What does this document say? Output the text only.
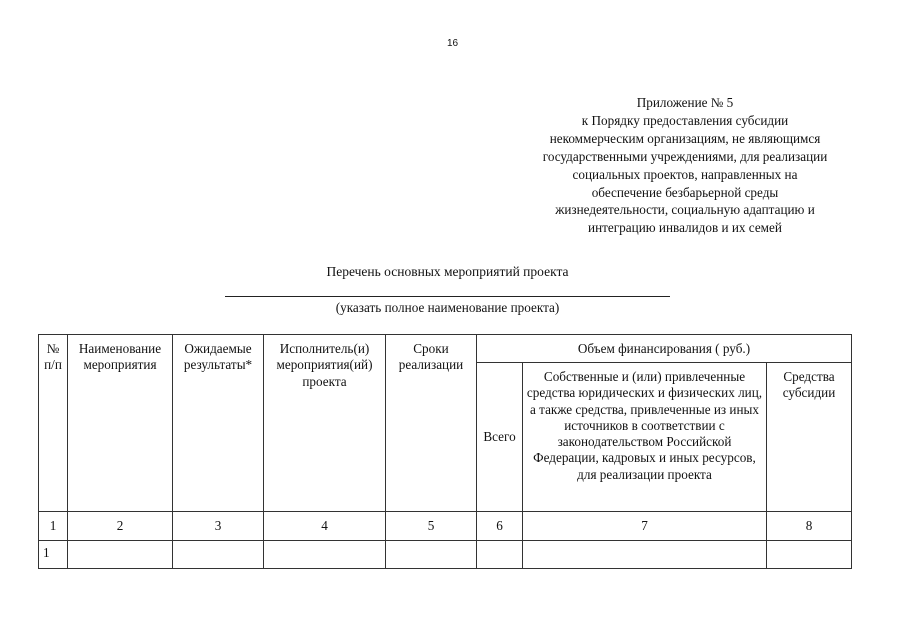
16
Приложение № 5
к Порядку предоставления субсидии
некоммерческим организациям, не являющимся
государственными учреждениями, для реализации
социальных проектов, направленных на
обеспечение безбарьерной среды
жизнедеятельности, социальную адаптацию и
интеграцию инвалидов и их семей
Перечень основных мероприятий проекта
(указать полное наименование проекта)
№ п/п	Наименование мероприятия	Ожидаемые результаты*	Исполнитель(и) мероприятия(ий) проекта	Сроки реализации	Объем финансирования ( руб.)		
					Всего	Собственные и (или) привлеченные средства юридических и физических лиц, а также средства, привлеченные из иных источников в соответствии с законодательством Российской Федерации, кадровых и иных ресурсов, для реализации проекта	Средства субсидии
1	2	3	4	5	6	7	8
1							
